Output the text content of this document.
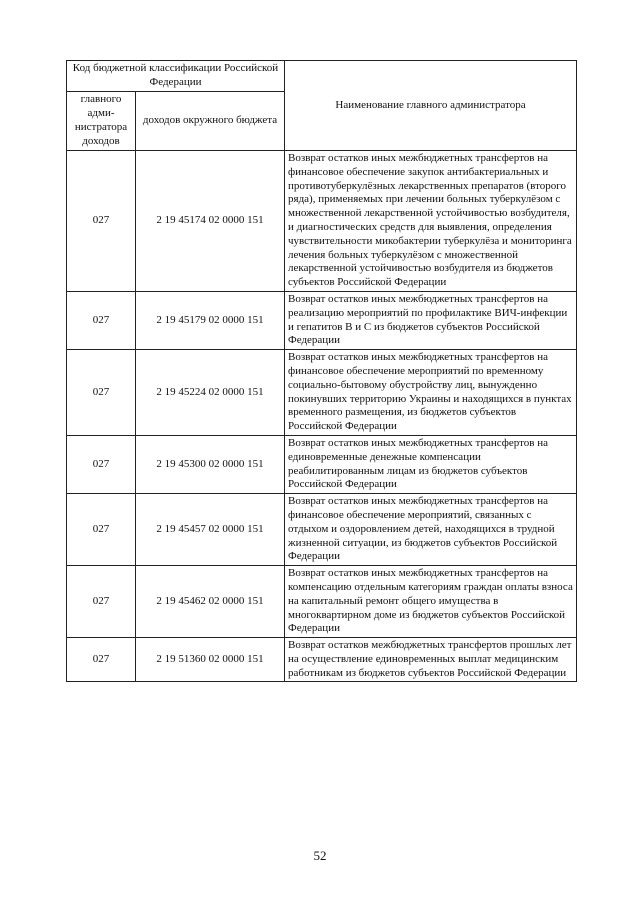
Код бюджетной классификации Российской Федерации		Наименование главного администратора
главного адми-нистратора доходов	доходов окружного бюджета	
027	2 19 45174 02 0000 151	Возврат остатков иных межбюджетных трансфертов на финансовое обеспечение закупок антибактериальных и противотуберкулёзных лекарственных препаратов (второго ряда), применяемых при лечении больных туберкулёзом с множественной лекарственной устойчивостью возбудителя, и диагностических средств для выявления, определения чувствительности микобактерии туберкулёза и мониторинга лечения больных туберкулёзом с множественной лекарственной устойчивостью возбудителя из бюджетов субъектов Российской Федерации
027	2 19 45179 02 0000 151	Возврат остатков иных межбюджетных трансфертов на реализацию мероприятий по профилактике ВИЧ-инфекции и гепатитов В и С из бюджетов субъектов Российской Федерации
027	2 19 45224 02 0000 151	Возврат остатков иных межбюджетных трансфертов на финансовое обеспечение мероприятий по временному социально-бытовому обустройству лиц, вынужденно покинувших территорию Украины и находящихся в пунктах временного размещения, из бюджетов субъектов Российской Федерации
027	2 19 45300 02 0000 151	Возврат остатков иных межбюджетных трансфертов на единовременные денежные компенсации реабилитированным лицам из бюджетов субъектов Российской Федерации
027	2 19 45457 02 0000 151	Возврат остатков иных межбюджетных трансфертов на финансовое обеспечение мероприятий, связанных с отдыхом и оздоровлением детей, находящихся в трудной жизненной ситуации, из бюджетов субъектов Российской Федерации
027	2 19 45462 02 0000 151	Возврат остатков иных межбюджетных трансфертов на компенсацию отдельным категориям граждан оплаты взноса на капитальный ремонт общего имущества в многоквартирном доме из бюджетов субъектов Российской Федерации
027	2 19 51360 02 0000 151	Возврат остатков межбюджетных трансфертов прошлых лет на осуществление единовременных выплат медицинским работникам из бюджетов субъектов Российской Федерации
52
